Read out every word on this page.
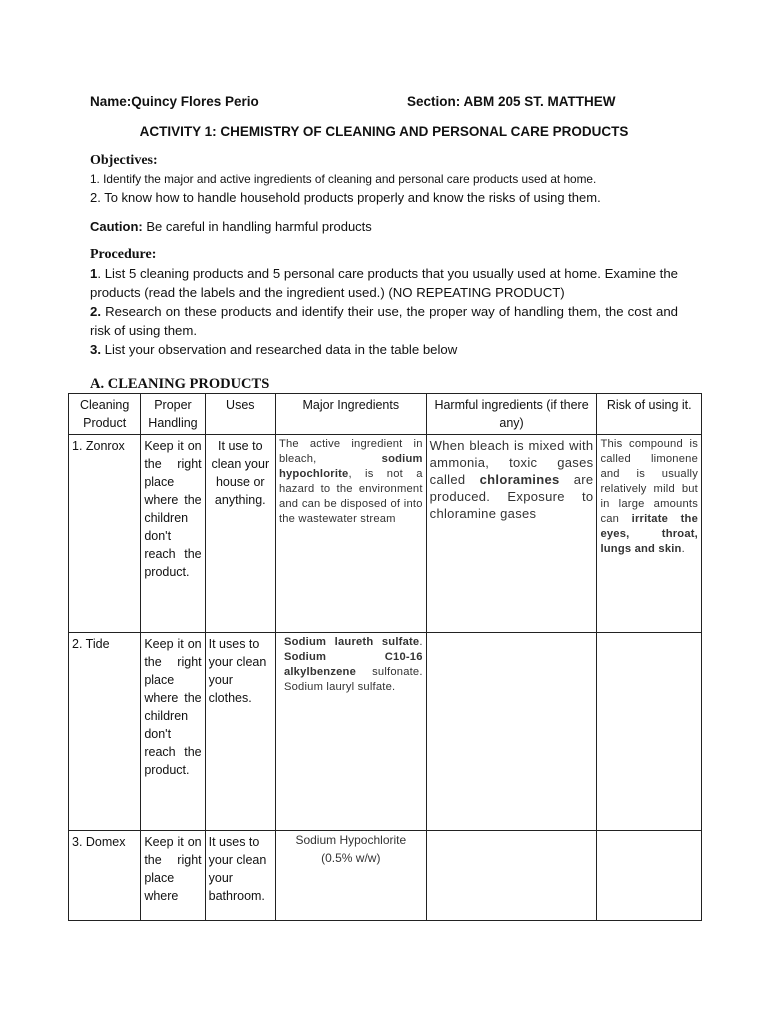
Name:Quincy Flores Perio	Section: ABM 205 ST. MATTHEW
ACTIVITY 1: CHEMISTRY OF CLEANING AND PERSONAL CARE PRODUCTS
Objectives:
1. Identify the major and active ingredients of cleaning and personal care products used at home.
2. To know how to handle household products properly and know the risks of using them.
Caution: Be careful in handling harmful products
Procedure:
1. List 5 cleaning products and 5 personal care products that you usually used at home. Examine the products (read the labels and the ingredient used.) (NO REPEATING PRODUCT)
2. Research on these products and identify their use, the proper way of handling them, the cost and risk of using them.
3. List your observation and researched data in the table below
A. CLEANING PRODUCTS
Cleaning Product	Proper Handling	Uses	Major Ingredients	Harmful ingredients (if there any)	Risk of using it.
1. Zonrox	Keep it on the right place where the children don't reach the product.	It use to clean your house or anything.	The active ingredient in bleach, sodium hypochlorite, is not a hazard to the environment and can be disposed of into the wastewater stream	When bleach is mixed with ammonia, toxic gases called chloramines are produced. Exposure to chloramine gases	This compound is called limonene and is usually relatively mild but in large amounts can irritate the eyes, throat, lungs and skin.
2. Tide	Keep it on the right place where the children don't reach the product.	It uses to your clean your clothes.	Sodium laureth sulfate. Sodium C10-16 alkylbenzene sulfonate. Sodium lauryl sulfate.		
3. Domex	Keep it on the right place where	It uses to your clean your bathroom.	Sodium Hypochlorite (0.5% w/w)		
